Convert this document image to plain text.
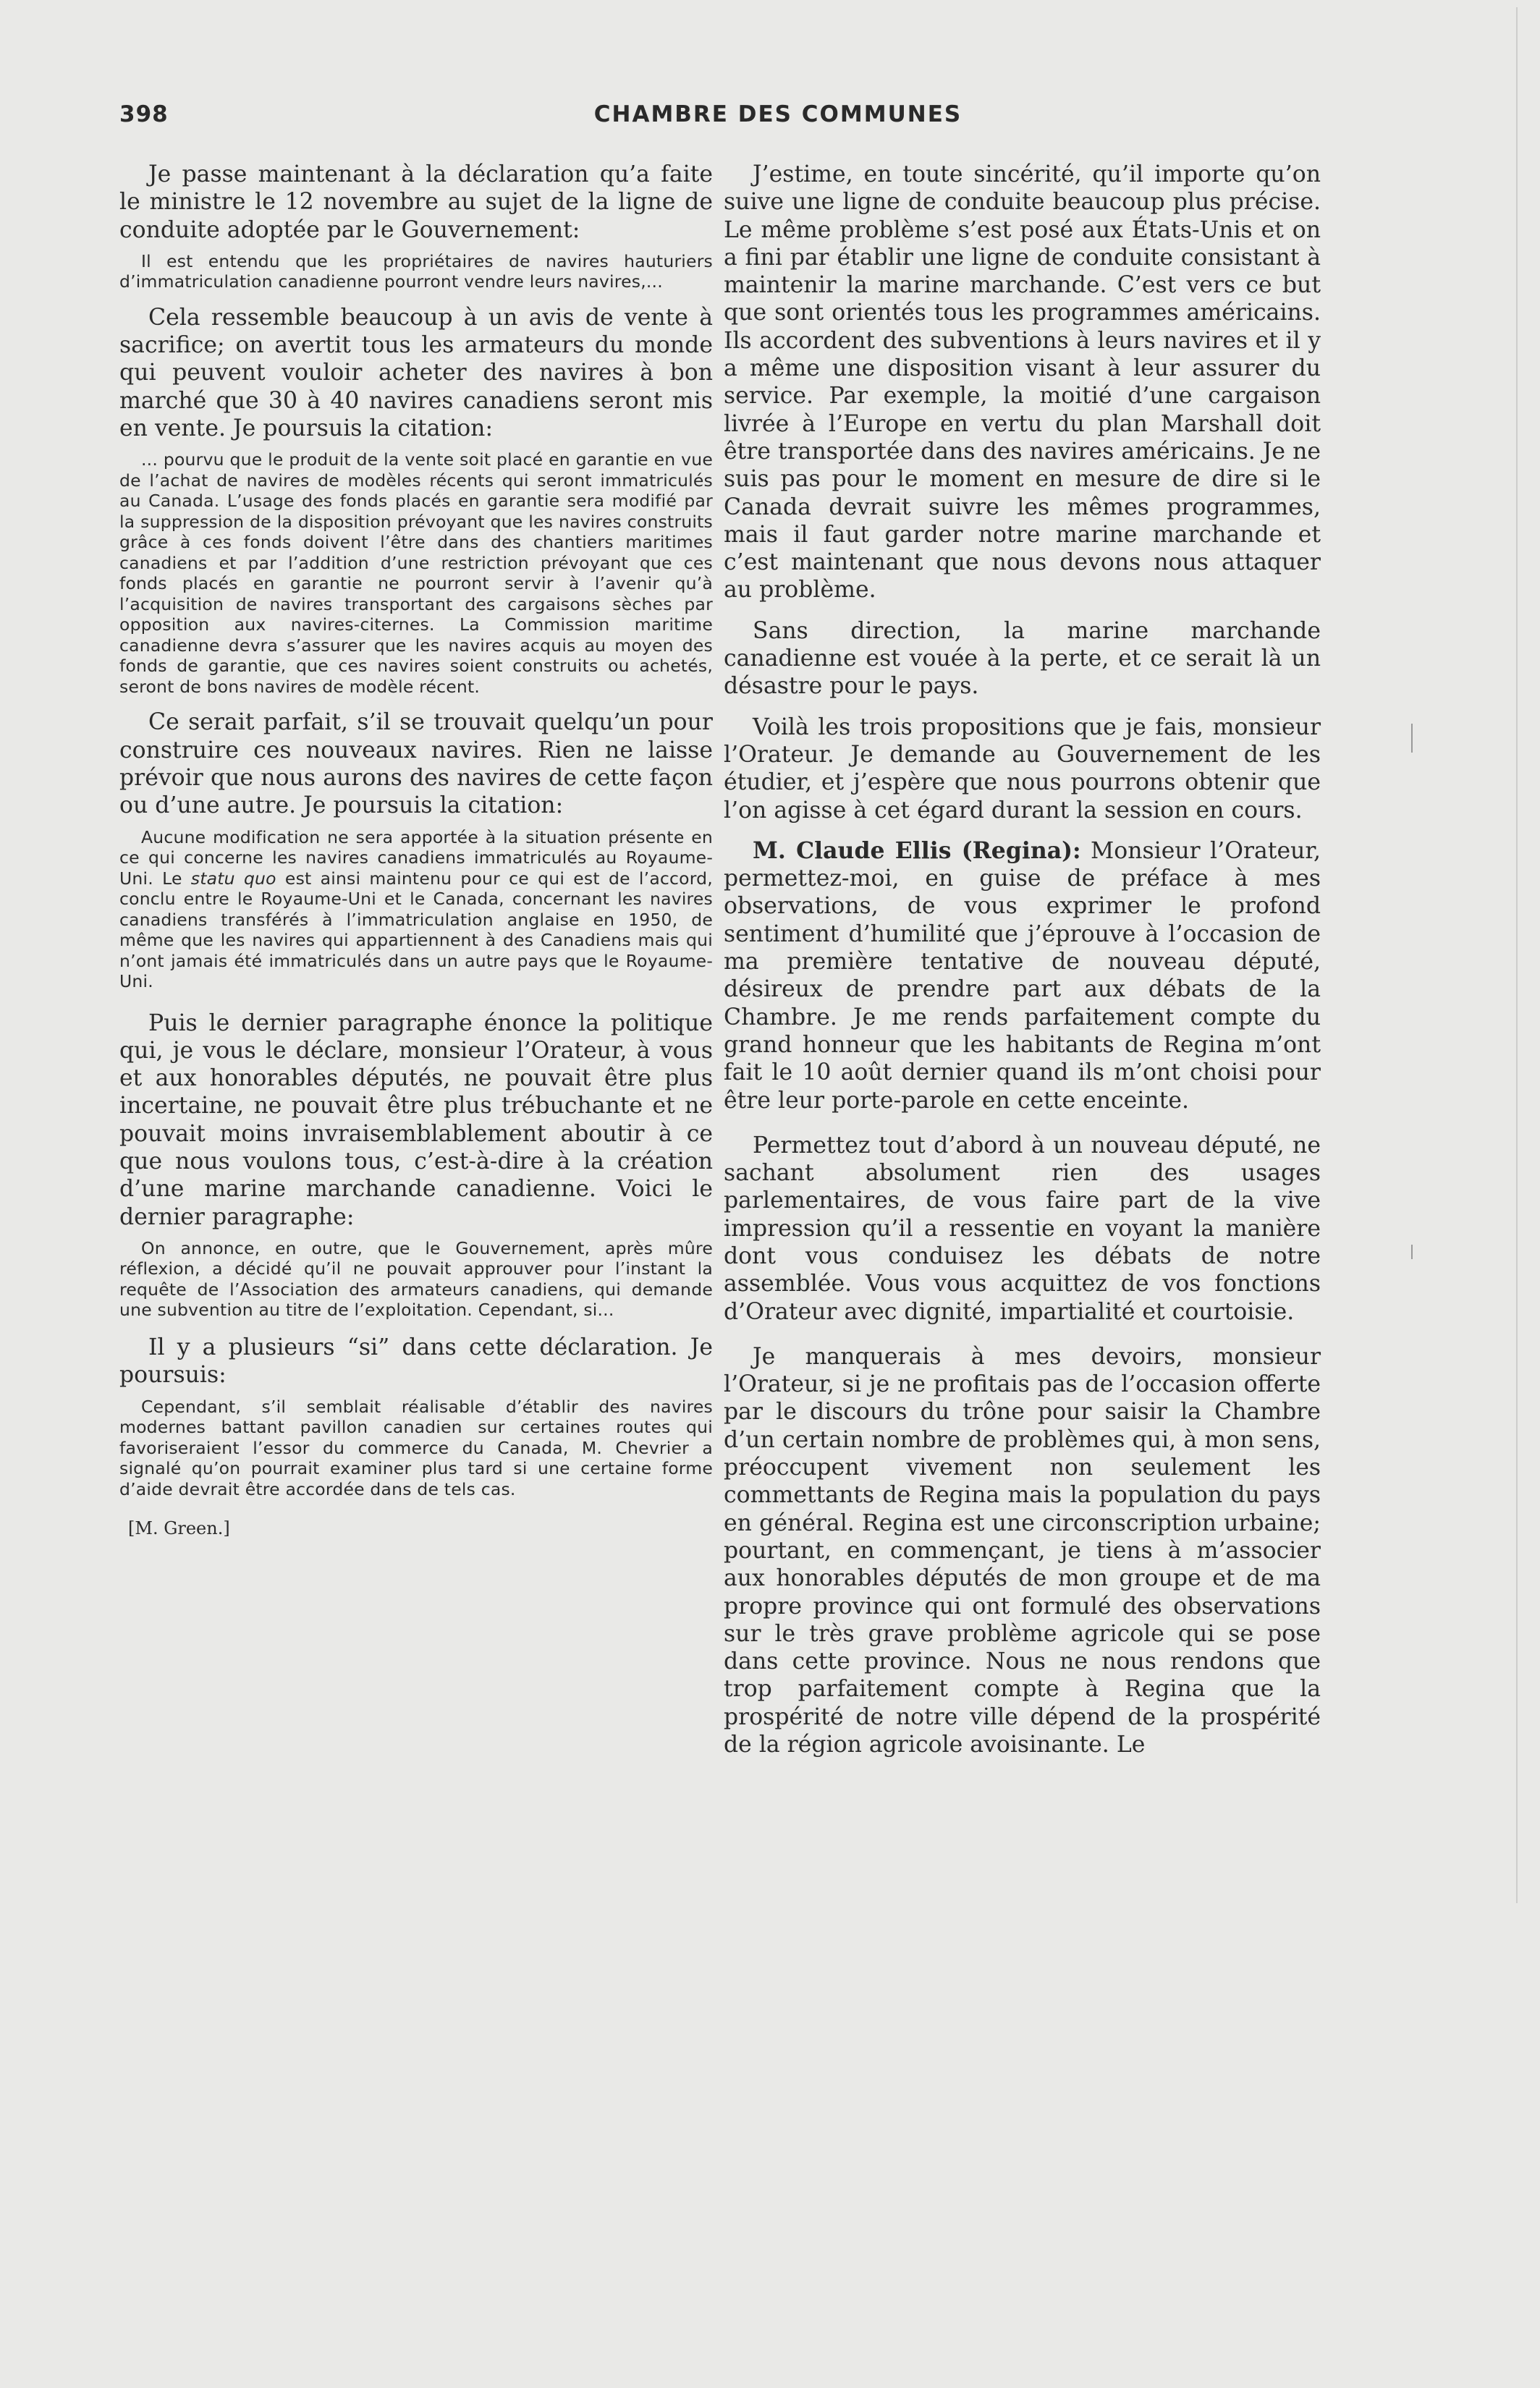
398	CHAMBRE DES COMMUNES

Je passe maintenant à la déclaration qu’a faite le ministre le 12 novembre au sujet de la ligne de conduite adoptée par le Gouvernement:

Il est entendu que les propriétaires de navires hauturiers d’immatriculation canadienne pourront vendre leurs navires,...

Cela ressemble beaucoup à un avis de vente à sacrifice; on avertit tous les armateurs du monde qui peuvent vouloir acheter des navires à bon marché que 30 à 40 navires canadiens seront mis en vente. Je poursuis la citation:

... pourvu que le produit de la vente soit placé en garantie en vue de l’achat de navires de modèles récents qui seront immatriculés au Canada. L’usage des fonds placés en garantie sera modifié par la suppression de la disposition prévoyant que les navires construits grâce à ces fonds doivent l’être dans des chantiers maritimes canadiens et par l’addition d’une restriction prévoyant que ces fonds placés en garantie ne pourront servir à l’avenir qu’à l’acquisition de navires transportant des cargaisons sèches par opposition aux navires-citernes. La Commission maritime canadienne devra s’assurer que les navires acquis au moyen des fonds de garantie, que ces navires soient construits ou achetés, seront de bons navires de modèle récent.

Ce serait parfait, s’il se trouvait quelqu’un pour construire ces nouveaux navires. Rien ne laisse prévoir que nous aurons des navires de cette façon ou d’une autre. Je poursuis la citation:

Aucune modification ne sera apportée à la situation présente en ce qui concerne les navires canadiens immatriculés au Royaume-Uni. Le statu quo est ainsi maintenu pour ce qui est de l’accord, conclu entre le Royaume-Uni et le Canada, concernant les navires canadiens transférés à l’immatriculation anglaise en 1950, de même que les navires qui appartiennent à des Canadiens mais qui n’ont jamais été immatriculés dans un autre pays que le Royaume-Uni.

Puis le dernier paragraphe énonce la politique qui, je vous le déclare, monsieur l’Orateur, à vous et aux honorables députés, ne pouvait être plus incertaine, ne pouvait être plus trébuchante et ne pouvait moins invraisemblablement aboutir à ce que nous voulons tous, c’est-à-dire à la création d’une marine marchande canadienne. Voici le dernier paragraphe:

On annonce, en outre, que le Gouvernement, après mûre réflexion, a décidé qu’il ne pouvait approuver pour l’instant la requête de l’Association des armateurs canadiens, qui demande une subvention au titre de l’exploitation. Cependant, si...

Il y a plusieurs “si” dans cette déclaration. Je poursuis:

Cependant, s’il semblait réalisable d’établir des navires modernes battant pavillon canadien sur certaines routes qui favoriseraient l’essor du commerce du Canada, M. Chevrier a signalé qu’on pourrait examiner plus tard si une certaine forme d’aide devrait être accordée dans de tels cas.
[M. Green.]

J’estime, en toute sincérité, qu’il importe qu’on suive une ligne de conduite beaucoup plus précise. Le même problème s’est posé aux États-Unis et on a fini par établir une ligne de conduite consistant à maintenir la marine marchande. C’est vers ce but que sont orientés tous les programmes américains. Ils accordent des subventions à leurs navires et il y a même une disposition visant à leur assurer du service. Par exemple, la moitié d’une cargaison livrée à l’Europe en vertu du plan Marshall doit être transportée dans des navires américains. Je ne suis pas pour le moment en mesure de dire si le Canada devrait suivre les mêmes programmes, mais il faut garder notre marine marchande et c’est maintenant que nous devons nous attaquer au problème.

Sans direction, la marine marchande canadienne est vouée à la perte, et ce serait là un désastre pour le pays.

Voilà les trois propositions que je fais, monsieur l’Orateur. Je demande au Gouvernement de les étudier, et j’espère que nous pourrons obtenir que l’on agisse à cet égard durant la session en cours.

M. Claude Ellis (Regina): Monsieur l’Orateur, permettez-moi, en guise de préface à mes observations, de vous exprimer le profond sentiment d’humilité que j’éprouve à l’occasion de ma première tentative de nouveau député, désireux de prendre part aux débats de la Chambre. Je me rends parfaitement compte du grand honneur que les habitants de Regina m’ont fait le 10 août dernier quand ils m’ont choisi pour être leur porte-parole en cette enceinte.

Permettez tout d’abord à un nouveau député, ne sachant absolument rien des usages parlementaires, de vous faire part de la vive impression qu’il a ressentie en voyant la manière dont vous conduisez les débats de notre assemblée. Vous vous acquittez de vos fonctions d’Orateur avec dignité, impartialité et courtoisie.

Je manquerais à mes devoirs, monsieur l’Orateur, si je ne profitais pas de l’occasion offerte par le discours du trône pour saisir la Chambre d’un certain nombre de problèmes qui, à mon sens, préoccupent vivement non seulement les commettants de Regina mais la population du pays en général. Regina est une circonscription urbaine; pourtant, en commençant, je tiens à m’associer aux honorables députés de mon groupe et de ma propre province qui ont formulé des observations sur le très grave problème agricole qui se pose dans cette province. Nous ne nous rendons que trop parfaitement compte à Regina que la prospérité de notre ville dépend de la prospérité de la région agricole avoisinante. Le
